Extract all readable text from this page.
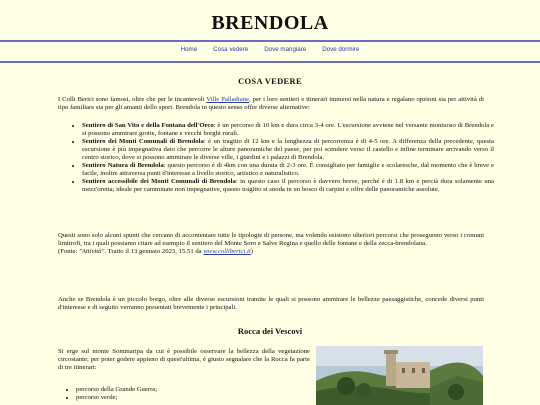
BRENDOLA
Home	Cosa vedere	Dove mangiare	Dove dormire
COSA VEDERE

I Colli Berici sono famosi, oltre che per le incantevoli Ville Palladiane, per i loro sentieri e itinerari immersi nella natura e regalano opzioni sia per attività di tipo familiare sia per gli amanti dello sport. Brendola in questo senso offre diverse alternative:

• Sentiero di San Vito e della Fontana dell'Orco: è un percorso di 10 km e dura circa 3-4 ore. L'escursione avviene nel versante montuoso di Brendola e si possono ammirare grotte, fontane e vecchi borghi rurali.
• Sentiero dei Monti Comunali di Brendola: è un tragitto di 12 km e la lunghezza di percorrenza è di 4-5 ore. A differenza della precedente, questa escursione è più impegnativa dato che percorre le alture panoramiche del paese, per poi scendere verso il castello e infine terminare arrivando verso il centro storico, dove si possono ammirare le diverse ville, i giardini e i palazzi di Brendola.
• Sentiero Natura di Brendola: questo percorso è di 4km con una durata di 2-3 ore. È consigliato per famiglie e scolaresche, dal momento che è breve e facile, inoltre attraversa punti d'interesse a livello storico, artistico e naturalistico.
• Sentiero accessibile dei Monti Comunali di Brendola: in questo caso il percorso è davvero breve, perché è di 1.8 km e percià dura solamente una mezz'oretta; ideale per camminate non impegnative, questo tragitto si snoda in un bosco di carpini e offre delle panoramiche assolute.

Questi sono solo alcuni spunti che cercano di accontentare tutte le tipologie di persone, ma volendo esistono ulteriori percorsi che proseguono verso i comuni limitrofi, tra i quali possiamo citare ad esempio il sentiero del Monte Soro e Salve Regina e quello delle fontane e della zecca-brendolana.
(Fonte: "Attività". Tratto il 13 gennaio 2023, 15.51 da www.colliberici.it)

Anche se Brendola è un piccolo borgo, oltre alle diverse escursioni tramite le quali si possono ammirare le bellezze paesaggistiche, concede diversi punti d'interesse e di seguito verranno presentati brevemente i principali.

Rocca dei Vescovi

Si erge sul monte Sommaripa da cui è possibile osservare la bellezza della vegetazione circostante; per poter godere appieno di quest'ultima, è giusto segnalare che la Rocca fa parte di tre itinerari:

• percorso della Grande Guerra;
• percorso verde;
